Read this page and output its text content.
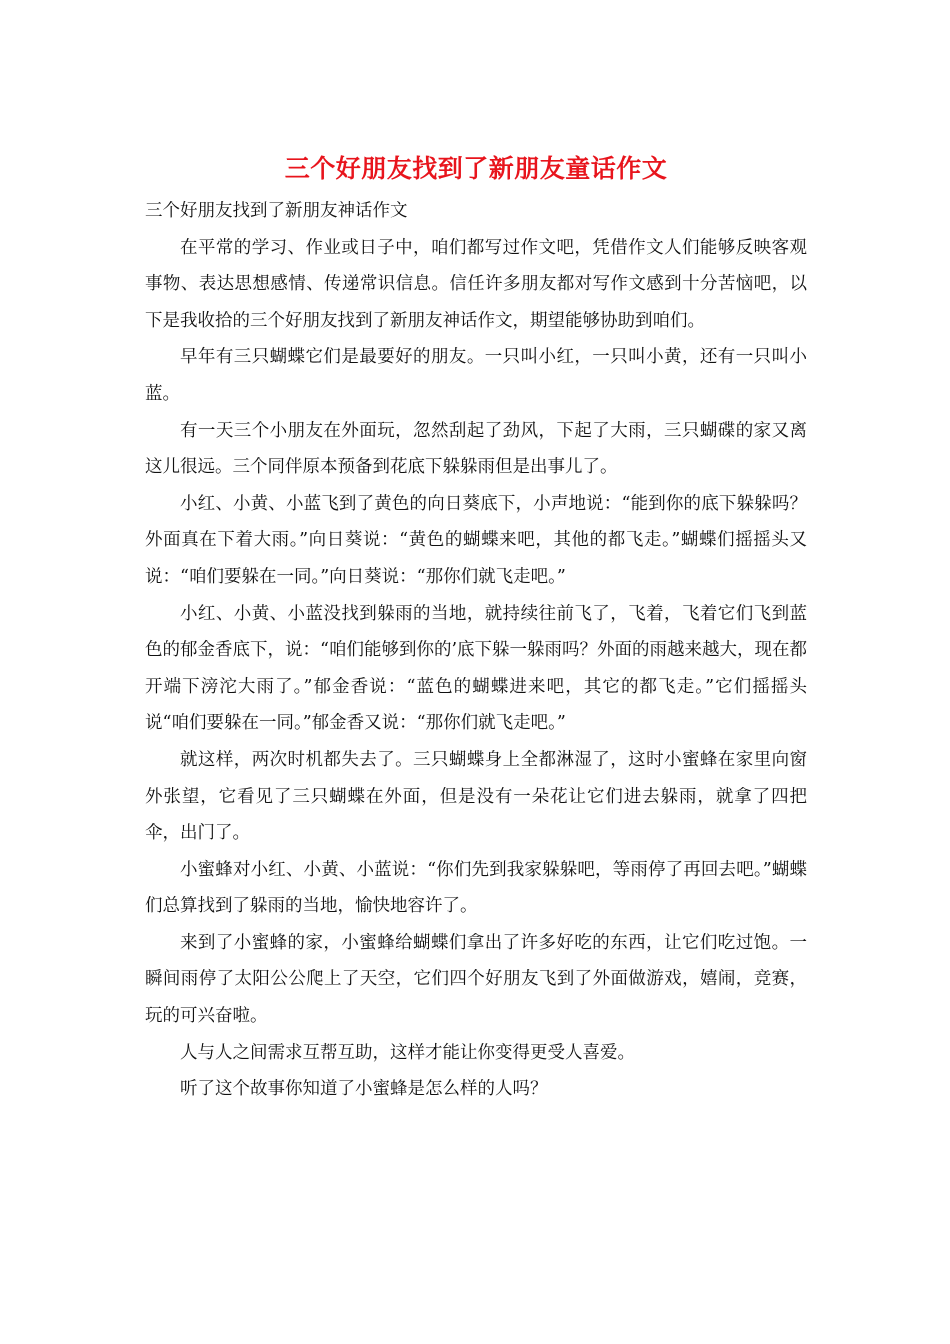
三个好朋友找到了新朋友童话作文

三个好朋友找到了新朋友神话作文

在平常的学习、作业或日子中，咱们都写过作文吧，凭借作文人们能够反映客观事物、表达思想感情、传递常识信息。信任许多朋友都对写作文感到十分苦恼吧，以下是我收拾的三个好朋友找到了新朋友神话作文，期望能够协助到咱们。

早年有三只蝴蝶它们是最要好的朋友。一只叫小红，一只叫小黄，还有一只叫小蓝。

有一天三个小朋友在外面玩，忽然刮起了劲风，下起了大雨，三只蝴碟的家又离这儿很远。三个同伴原本预备到花底下躲躲雨但是出事儿了。

小红、小黄、小蓝飞到了黄色的向日葵底下，小声地说：“能到你的底下躲躲吗？外面真在下着大雨。”向日葵说：“黄色的蝴蝶来吧，其他的都飞走。”蝴蝶们摇摇头又说：“咱们要躲在一同。”向日葵说：“那你们就飞走吧。”

小红、小黄、小蓝没找到躲雨的当地，就持续往前飞了，飞着，飞着它们飞到蓝色的郁金香底下，说：“咱们能够到你的’底下躲一躲雨吗？外面的雨越来越大，现在都开端下滂沱大雨了。”郁金香说：“蓝色的蝴蝶进来吧，其它的都飞走。”它们摇摇头说“咱们要躲在一同。”郁金香又说：“那你们就飞走吧。”

就这样，两次时机都失去了。三只蝴蝶身上全都淋湿了，这时小蜜蜂在家里向窗外张望，它看见了三只蝴蝶在外面，但是没有一朵花让它们进去躲雨，就拿了四把伞，出门了。

小蜜蜂对小红、小黄、小蓝说：“你们先到我家躲躲吧，等雨停了再回去吧。”蝴蝶们总算找到了躲雨的当地，愉快地容许了。

来到了小蜜蜂的家，小蜜蜂给蝴蝶们拿出了许多好吃的东西，让它们吃过饱。一瞬间雨停了太阳公公爬上了天空，它们四个好朋友飞到了外面做游戏，嬉闹，竞赛，玩的可兴奋啦。

人与人之间需求互帮互助，这样才能让你变得更受人喜爱。

听了这个故事你知道了小蜜蜂是怎么样的人吗？
